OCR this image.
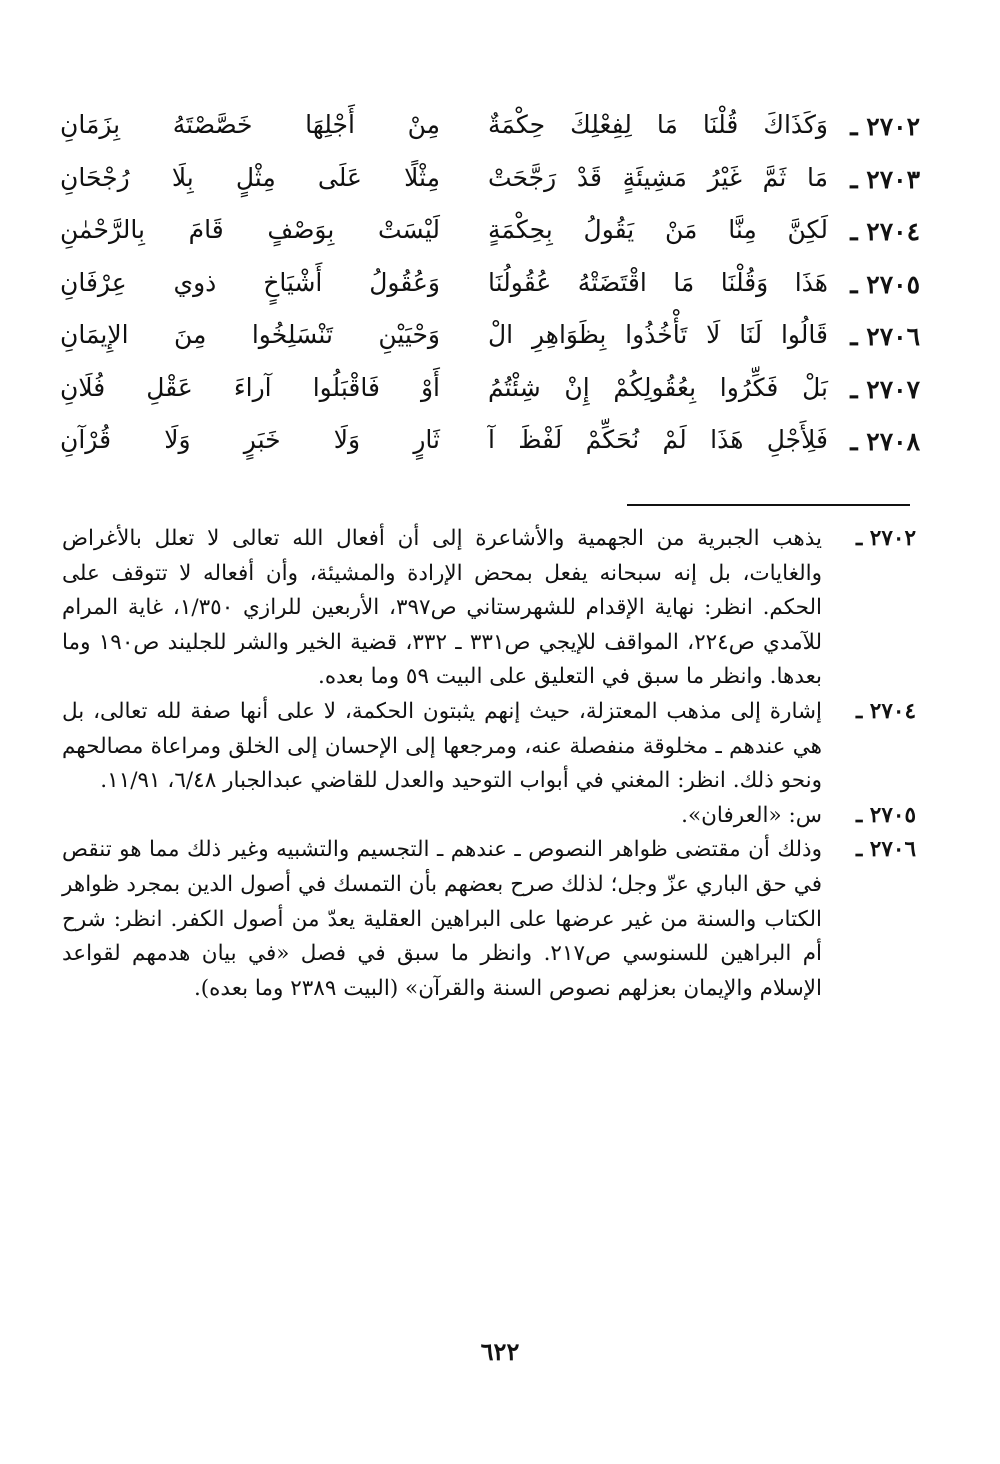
٢٧٠٢ ـ
وَكَذَاكَ قُلْنَا مَا لِفِعْلِكَ حِكْمَةٌ
مِنْ أَجْلِهَا خَصَّصْتَهُ بِزَمَانِ
٢٧٠٣ ـ
مَا ثَمَّ غَيْرُ مَشِيئَةٍ قَدْ رَجَّحَتْ
مِثْلًا عَلَى مِثْلٍ بِلَا رُجْحَانِ
٢٧٠٤ ـ
لَكِنَّ مِنَّا مَنْ يَقُولُ بِحِكْمَةٍ
لَيْسَتْ بِوَصْفٍ قَامَ بِالرَّحْمٰنِ
٢٧٠٥ ـ
هَذَا وَقُلْنَا مَا اقْتَضَتْهُ عُقُولُنَا
وَعُقُولُ أَشْيَاخٍ ذوي عِرْفَانِ
٢٧٠٦ ـ
قَالُوا لَنَا لَا تَأْخُذُوا بِظَوَاهِرِ الْ
وَحْيَيْنِ تَنْسَلِخُوا مِنَ الإِيمَانِ
٢٧٠٧ ـ
بَلْ فَكِّرُوا بِعُقُولِكُمْ إِنْ شِئْتُمُ
أَوْ فَاقْبَلُوا آراءَ عَقْلِ فُلَانِ
٢٧٠٨ ـ
فَلِأَجْلِ هَذَا لَمْ نُحَكِّمْ لَفْظَ آ
ثَارٍ وَلَا خَبَرٍ وَلَا قُرْآنِ
٢٧٠٢ ـ
يذهب الجبرية من الجهمية والأشاعرة إلى أن أفعال الله تعالى لا تعلل بالأغراض والغايات، بل إنه سبحانه يفعل بمحض الإرادة والمشيئة، وأن أفعاله لا تتوقف على الحكم. انظر: نهاية الإقدام للشهرستاني ص٣٩٧، الأربعين للرازي ١/٣٥٠، غاية المرام للآمدي ص٢٢٤، المواقف للإيجي ص٣٣١ ـ ٣٣٢، قضية الخير والشر للجليند ص١٩٠ وما بعدها. وانظر ما سبق في التعليق على البيت ٥٩ وما بعده.
٢٧٠٤ ـ
إشارة إلى مذهب المعتزلة، حيث إنهم يثبتون الحكمة، لا على أنها صفة لله تعالى، بل هي عندهم ـ مخلوقة منفصلة عنه، ومرجعها إلى الإحسان إلى الخلق ومراعاة مصالحهم ونحو ذلك. انظر: المغني في أبواب التوحيد والعدل للقاضي عبدالجبار ٦/٤٨، ١١/٩١.
٢٧٠٥ ـ
س: «العرفان».
٢٧٠٦ ـ
وذلك أن مقتضى ظواهر النصوص ـ عندهم ـ التجسيم والتشبيه وغير ذلك مما هو تنقص في حق الباري عزّ وجل؛ لذلك صرح بعضهم بأن التمسك في أصول الدين بمجرد ظواهر الكتاب والسنة من غير عرضها على البراهين العقلية يعدّ من أصول الكفر. انظر: شرح أم البراهين للسنوسي ص٢١٧. وانظر ما سبق في فصل «في بيان هدمهم لقواعد الإسلام والإيمان بعزلهم نصوص السنة والقرآن» (البيت ٢٣٨٩ وما بعده).
٦٢٢
